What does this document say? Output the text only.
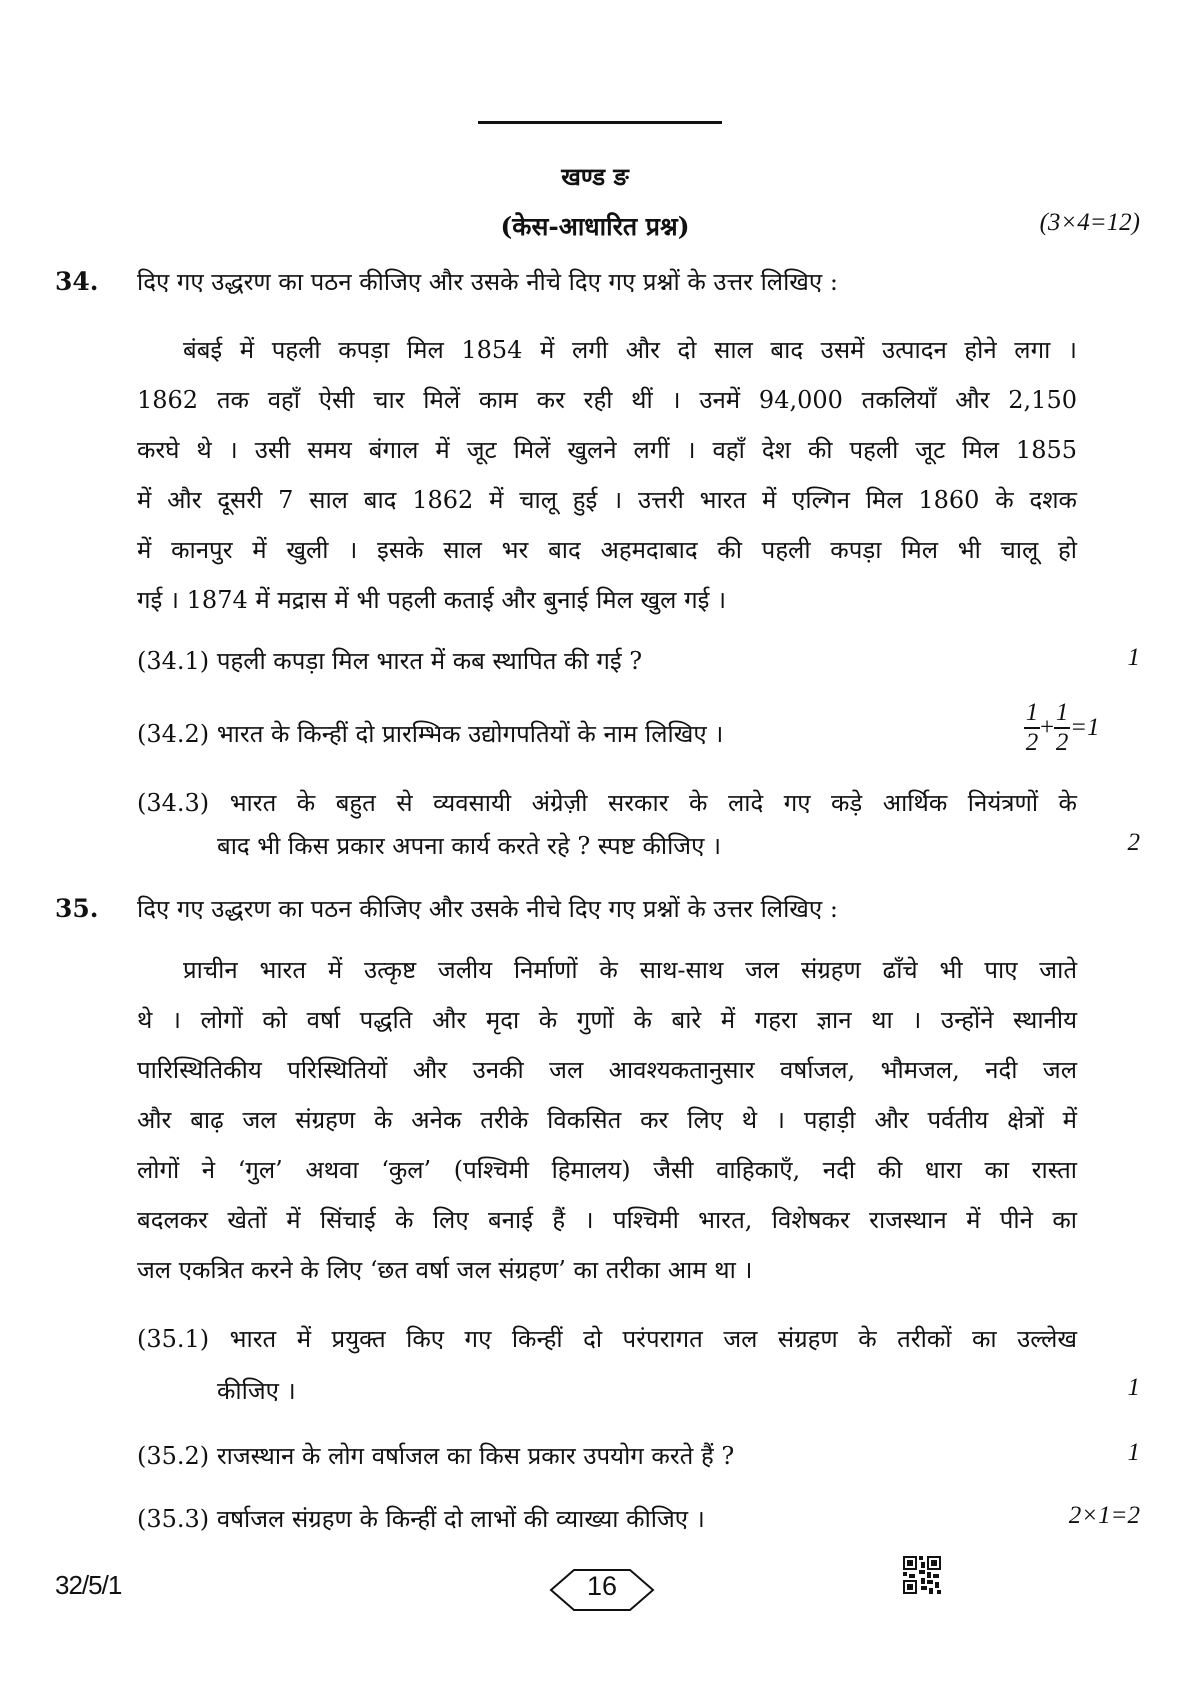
खण्ड ङ
(केस-आधारित प्रश्न)	(3×4=12)
34. दिए गए उद्धरण का पठन कीजिए और उसके नीचे दिए गए प्रश्नों के उत्तर लिखिए :
बंबई में पहली कपड़ा मिल 1854 में लगी और दो साल बाद उसमें उत्पादन होने लगा ।
1862 तक वहाँ ऐसी चार मिलें काम कर रही थीं । उनमें 94,000 तकलियाँ और 2,150
करघे थे । उसी समय बंगाल में जूट मिलें खुलने लगीं । वहाँ देश की पहली जूट मिल 1855
में और दूसरी 7 साल बाद 1862 में चालू हुई । उत्तरी भारत में एल्गिन मिल 1860 के दशक
में कानपुर में खुली । इसके साल भर बाद अहमदाबाद की पहली कपड़ा मिल भी चालू हो
गई । 1874 में मद्रास में भी पहली कताई और बुनाई मिल खुल गई ।
(34.1) पहली कपड़ा मिल भारत में कब स्थापित की गई ?	1
(34.2) भारत के किन्हीं दो प्रारम्भिक उद्योगपतियों के नाम लिखिए ।	$\frac{1}{2} + \frac{1}{2} =1$
(34.3) भारत के बहुत से व्यवसायी अंग्रेज़ी सरकार के लादे गए कड़े आर्थिक नियंत्रणों के
बाद भी किस प्रकार अपना कार्य करते रहे ? स्पष्ट कीजिए ।	2
35. दिए गए उद्धरण का पठन कीजिए और उसके नीचे दिए गए प्रश्नों के उत्तर लिखिए :
प्राचीन भारत में उत्कृष्ट जलीय निर्माणों के साथ-साथ जल संग्रहण ढाँचे भी पाए जाते
थे । लोगों को वर्षा पद्धति और मृदा के गुणों के बारे में गहरा ज्ञान था । उन्होंने स्थानीय
पारिस्थितिकीय परिस्थितियों और उनकी जल आवश्यकतानुसार वर्षाजल, भौमजल, नदी जल
और बाढ़ जल संग्रहण के अनेक तरीके विकसित कर लिए थे । पहाड़ी और पर्वतीय क्षेत्रों में
लोगों ने ‘गुल’ अथवा ‘कुल’ (पश्चिमी हिमालय) जैसी वाहिकाएँ, नदी की धारा का रास्ता
बदलकर खेतों में सिंचाई के लिए बनाई हैं । पश्चिमी भारत, विशेषकर राजस्थान में पीने का
जल एकत्रित करने के लिए ‘छत वर्षा जल संग्रहण’ का तरीका आम था ।
(35.1) भारत में प्रयुक्त किए गए किन्हीं दो परंपरागत जल संग्रहण के तरीकों का उल्लेख
कीजिए ।	1
(35.2) राजस्थान के लोग वर्षाजल का किस प्रकार उपयोग करते हैं ?	1
(35.3) वर्षाजल संग्रहण के किन्हीं दो लाभों की व्याख्या कीजिए ।	2×1=2
32/5/1	16
